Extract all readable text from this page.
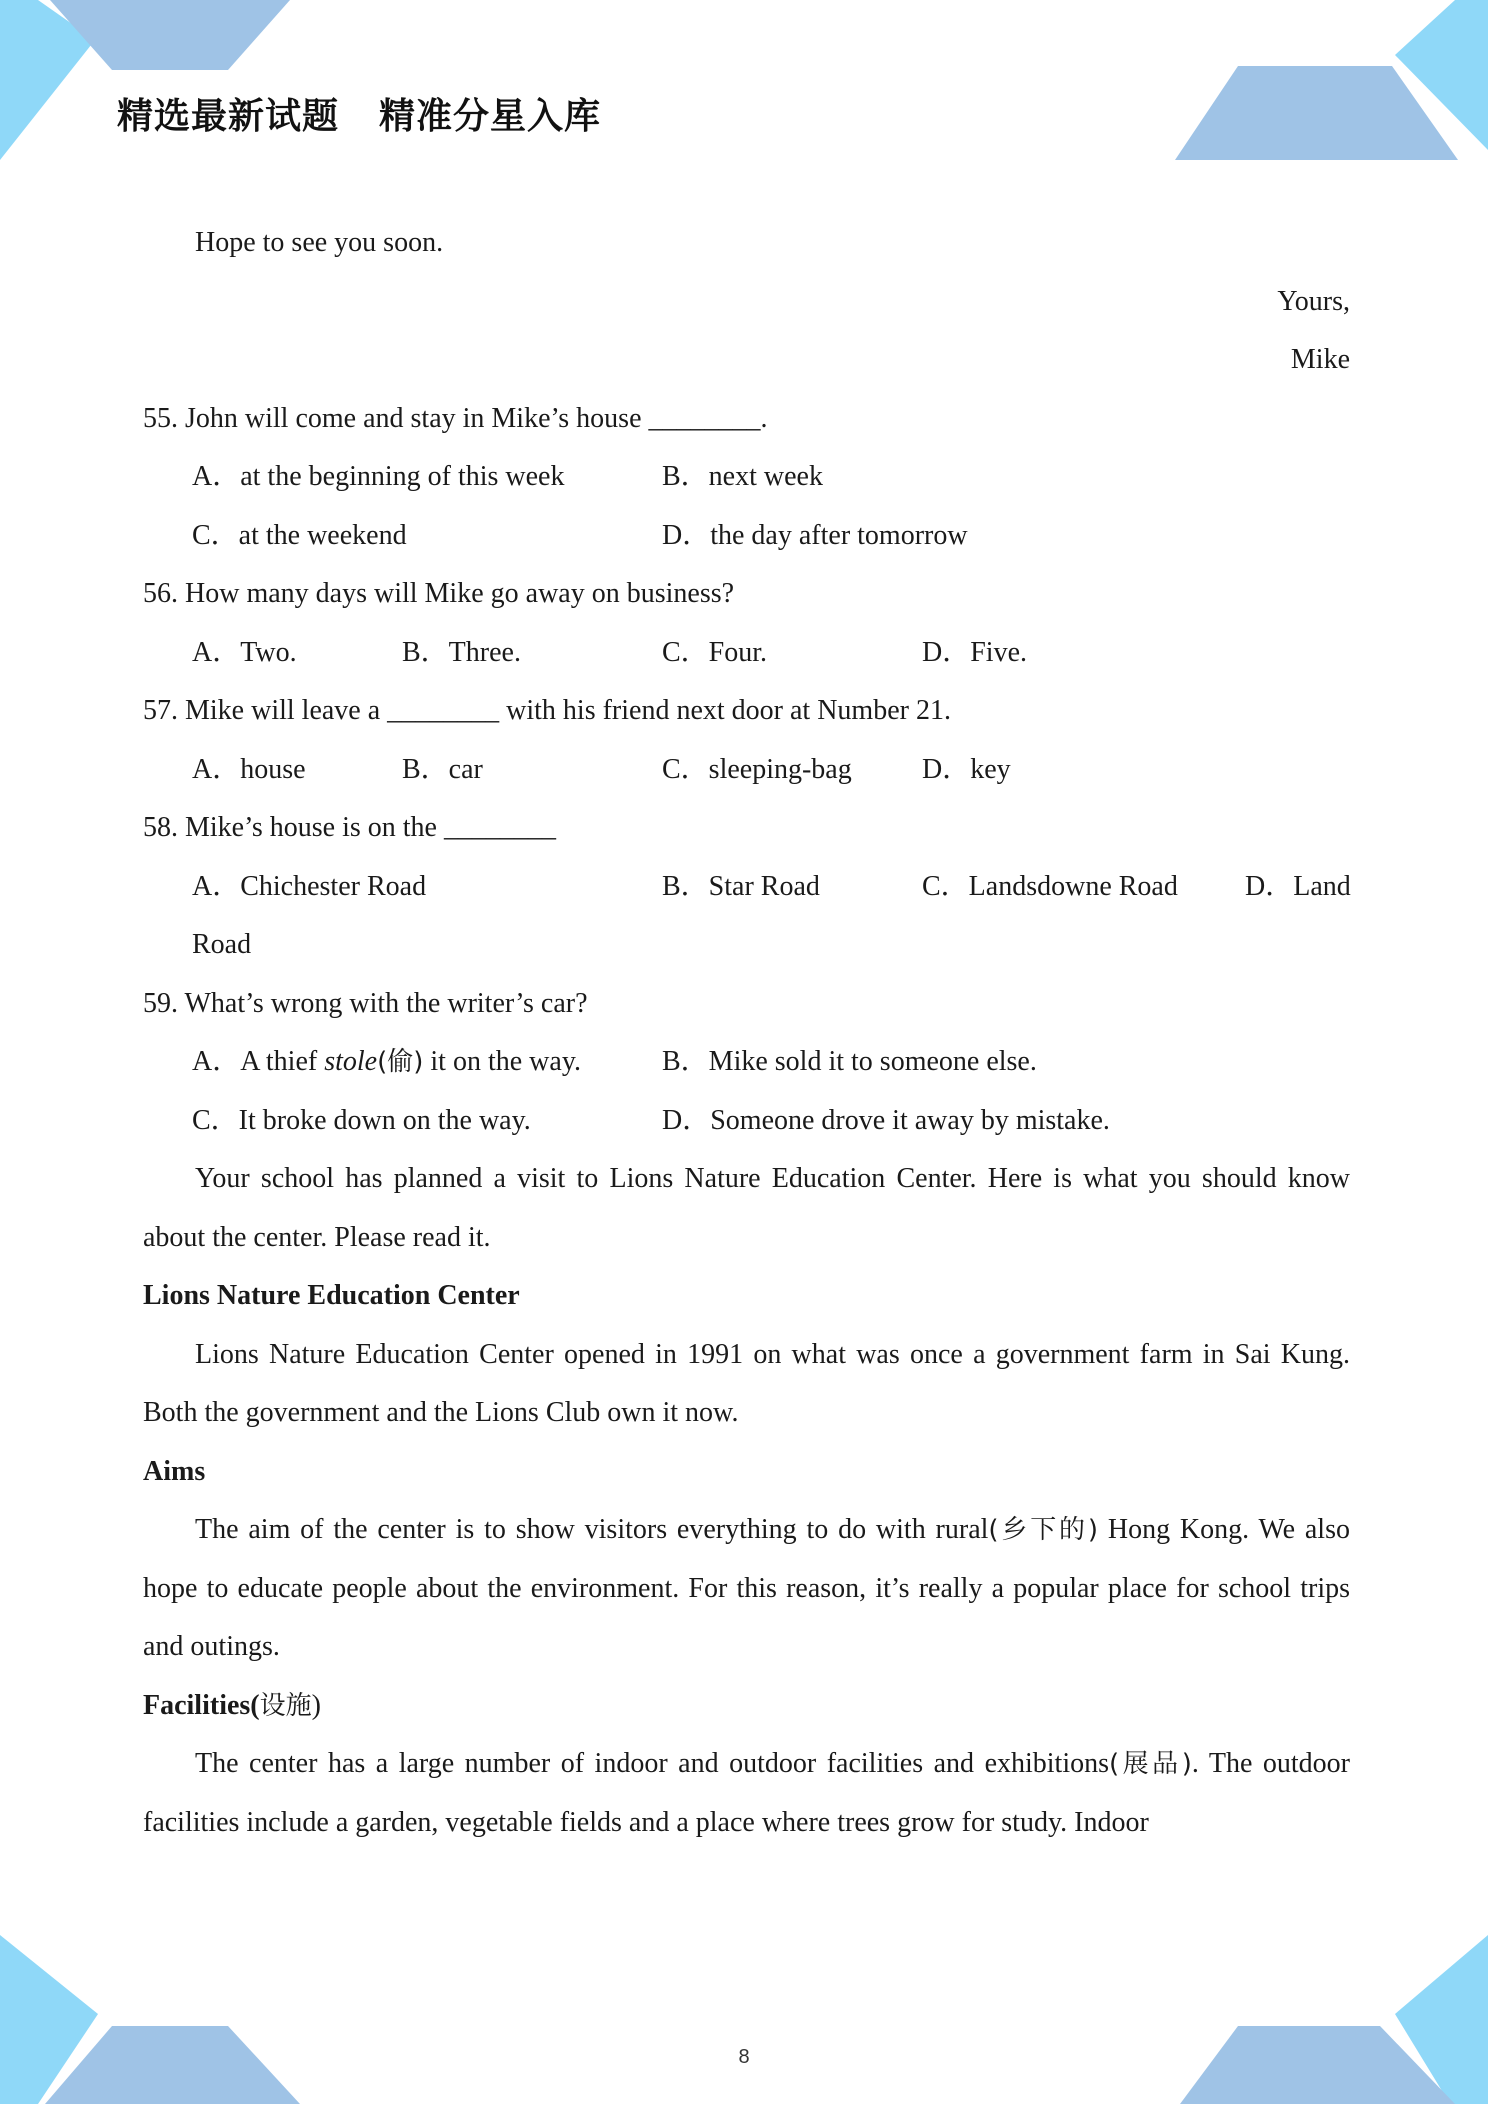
精选最新试题 精准分星入库
Hope to see you soon.
Yours,
Mike
55. John will come and stay in Mike’s house ________.
A．at the beginning of this week	B．next week
C．at the weekend	D．the day after tomorrow
56. How many days will Mike go away on business?
A．Two.	B．Three.	C．Four.	D．Five.
57. Mike will leave a ________ with his friend next door at Number 21.
A．house	B．car	C．sleeping-bag	D．key
58. Mike’s house is on the ________
A．Chichester Road	B．Star Road	C．Landsdowne Road D．Land
Road
59. What’s wrong with the writer’s car?
A．A thief stole(偷) it on the way.	B．Mike sold it to someone else.
C．It broke down on the way.	D．Someone drove it away by mistake.
Your school has planned a visit to Lions Nature Education Center. Here is what you should know about the center. Please read it.
Lions Nature Education Center
Lions Nature Education Center opened in 1991 on what was once a government farm in Sai Kung. Both the government and the Lions Club own it now.
Aims
The aim of the center is to show visitors everything to do with rural(乡下的) Hong Kong. We also hope to educate people about the environment. For this reason, it’s really a popular place for school trips and outings.
Facilities(设施)
The center has a large number of indoor and outdoor facilities and exhibitions(展品). The outdoor facilities include a garden, vegetable fields and a place where trees grow for study. Indoor
8
